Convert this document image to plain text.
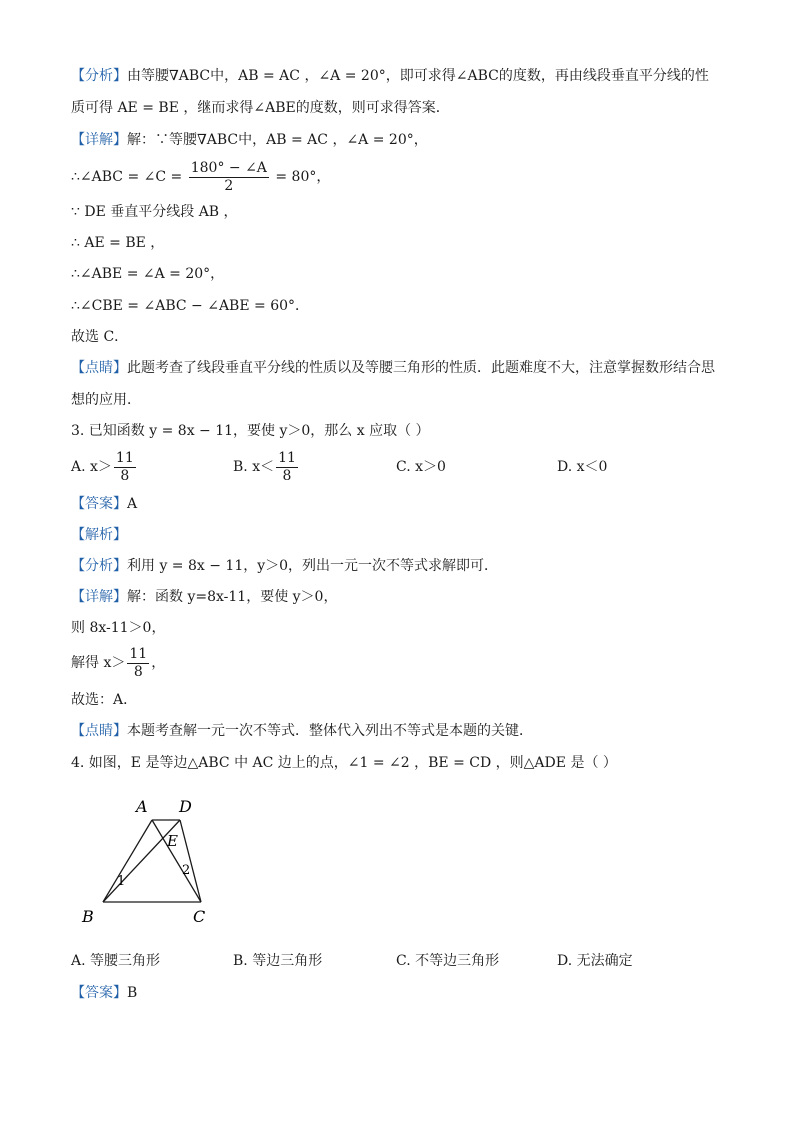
【分析】由等腰∇ABC中，AB = AC ，∠A = 20°，即可求得∠ABC的度数，再由线段垂直平分线的性
质可得 AE = BE ，继而求得∠ABE的度数，则可求得答案．
【详解】解：∵等腰∇ABC中，AB = AC ，∠A = 20°，
∴∠ABC = ∠C = $\frac{180^\circ - \angle A}{2} = 80^\circ$，
∵ DE 垂直平分线段 AB ，
∴ AE = BE ，
∴∠ABE = ∠A = 20°，
∴∠CBE = ∠ABC − ∠ABE = 60°．
故选 C．
【点睛】此题考查了线段垂直平分线的性质以及等腰三角形的性质．此题难度不大，注意掌握数形结合思
想的应用．
3. 已知函数 y = 8x − 11，要使 y＞0，那么 x 应取（ ）
A. $x> \frac{11}{8}$	B. $x< \frac{11}{8}$	C. x＞0	D. x＜0
【答案】A
【解析】
【分析】利用 y = 8x − 11，y＞0，列出一元一次不等式求解即可．
【详解】解：函数 y=8x-11，要使 y＞0，
则 8x-11＞0，
解得 $x> \frac{11}{8}$ ，
故选：A．
【点睛】本题考查解一元一次不等式．整体代入列出不等式是本题的关键．
4. 如图，E 是等边△ABC 中 AC 边上的点，∠1 = ∠2 ，BE = CD ，则△ADE 是（ ）
A D
E
B	C
1
2
A. 等腰三角形	B. 等边三角形	C. 不等边三角形	D. 无法确定
【答案】B
